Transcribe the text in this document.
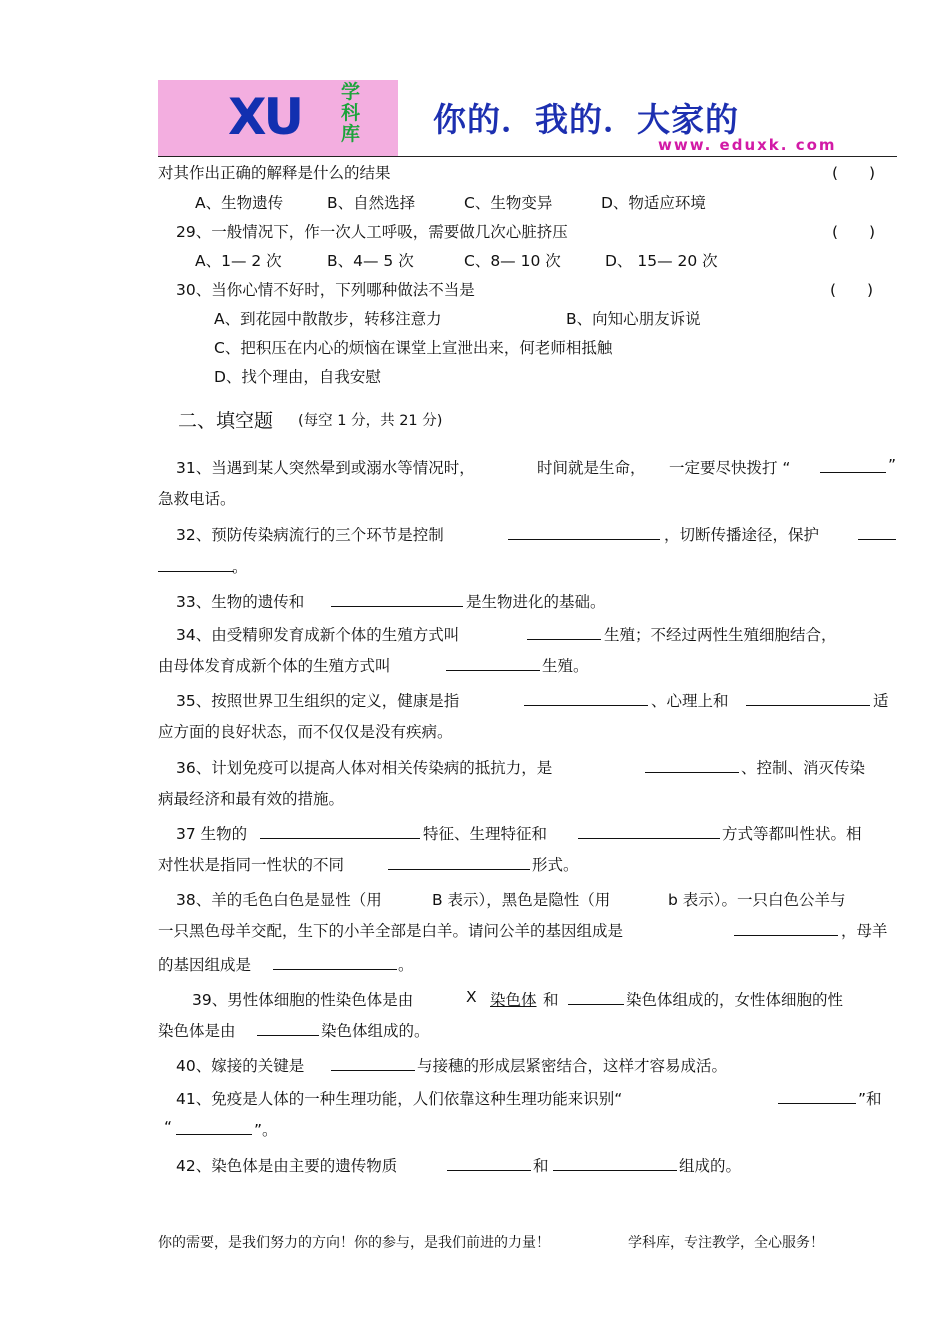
XU 学
科
库 你的．我的．大家的
www. eduxk. com
对其作出正确的解释是什么的结果	(　　)
A、生物遗传	B、自然选择	C、生物变异	D、物适应环境
29、一般情况下，作一次人工呼吸，需要做几次心脏挤压	(　　)
A、1— 2 次	B、4— 5 次	C、8— 10 次	D、 15— 20 次
30、当你心情不好时，下列哪种做法不当是	(　　)
A、到花园中散散步，转移注意力	B、向知心朋友诉说
C、把积压在内心的烦恼在课堂上宣泄出来，何老师相抵触
D、找个理由，自我安慰
二、填空题 (每空 1 分，共 21 分)
31、当遇到某人突然晕到或溺水等情况时，	时间就是生命， 一定要尽快拨打 “	”
急救电话。
32、预防传染病流行的三个环节是控制	，切断传播途径，保护
。
33、生物的遗传和	是生物进化的基础。
34、由受精卵发育成新个体的生殖方式叫	生殖；不经过两性生殖细胞结合，
由母体发育成新个体的生殖方式叫	生殖。
35、按照世界卫生组织的定义，健康是指	、心理上和	适
应方面的良好状态，而不仅仅是没有疾病。
36、计划免疫可以提高人体对相关传染病的抵抗力，是	、控制、消灭传染
病最经济和最有效的措施。
37 生物的	特征、生理特征和	方式等都叫性状。相
对性状是指同一性状的不同	形式。
38、羊的毛色白色是显性（用	B 表示），黑色是隐性（用	b 表示）。一只白色公羊与
一只黑色母羊交配，生下的小羊全部是白羊。请问公羊的基因组成是	，母羊
的基因组成是	。
39、男性体细胞的性染色体是由	X 染色体 和	染色体组成的，女性体细胞的性
染色体是由	染色体组成的。
40、嫁接的关键是	与接穗的形成层紧密结合，这样才容易成活。
41、免疫是人体的一种生理功能，人们依靠这种生理功能来识别“	”和
“	”。
42、染色体是由主要的遗传物质	和	组成的。
你的需要，是我们努力的方向！你的参与，是我们前进的力量！	学科库，专注教学，全心服务！
